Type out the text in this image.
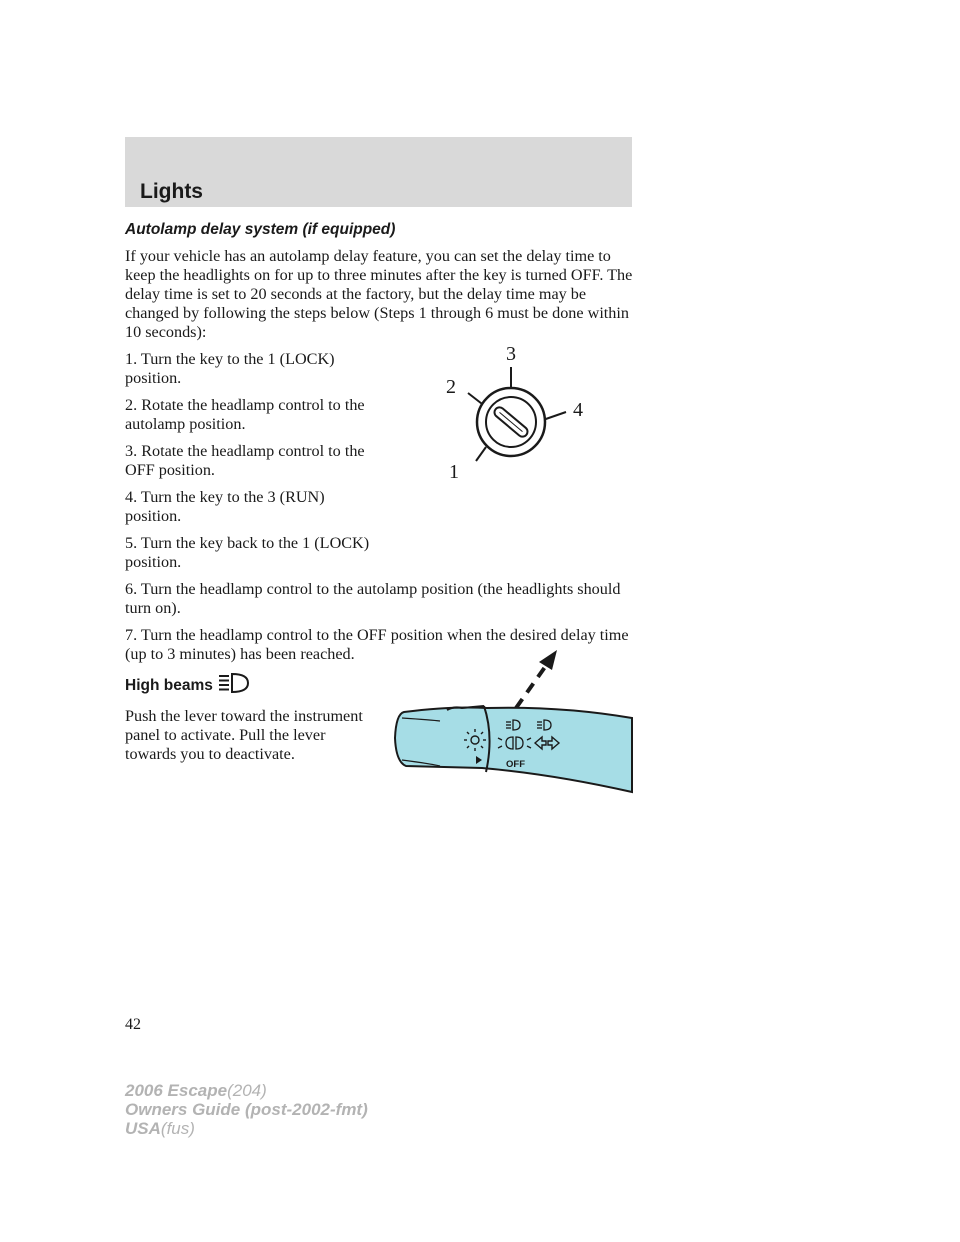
Lights
Autolamp delay system (if equipped)

If your vehicle has an autolamp delay feature, you can set the delay time to keep the headlights on for up to three minutes after the key is turned OFF. The delay time is set to 20 seconds at the factory, but the delay time may be changed by following the steps below (Steps 1 through 6 must be done within 10 seconds):

1. Turn the key to the 1 (LOCK) position.

2. Rotate the headlamp control to the autolamp position.

3. Rotate the headlamp control to the OFF position.

4. Turn the key to the 3 (RUN) position.

5. Turn the key back to the 1 (LOCK) position.

6. Turn the headlamp control to the autolamp position (the headlights should turn on).

7. Turn the headlamp control to the OFF position when the desired delay time (up to 3 minutes) has been reached.

High beams

Push the lever toward the instrument panel to activate. Pull the lever towards you to deactivate.

3
2
4
1
OFF

42

2006 Escape(204)
Owners Guide (post-2002-fmt)
USA(fus)
